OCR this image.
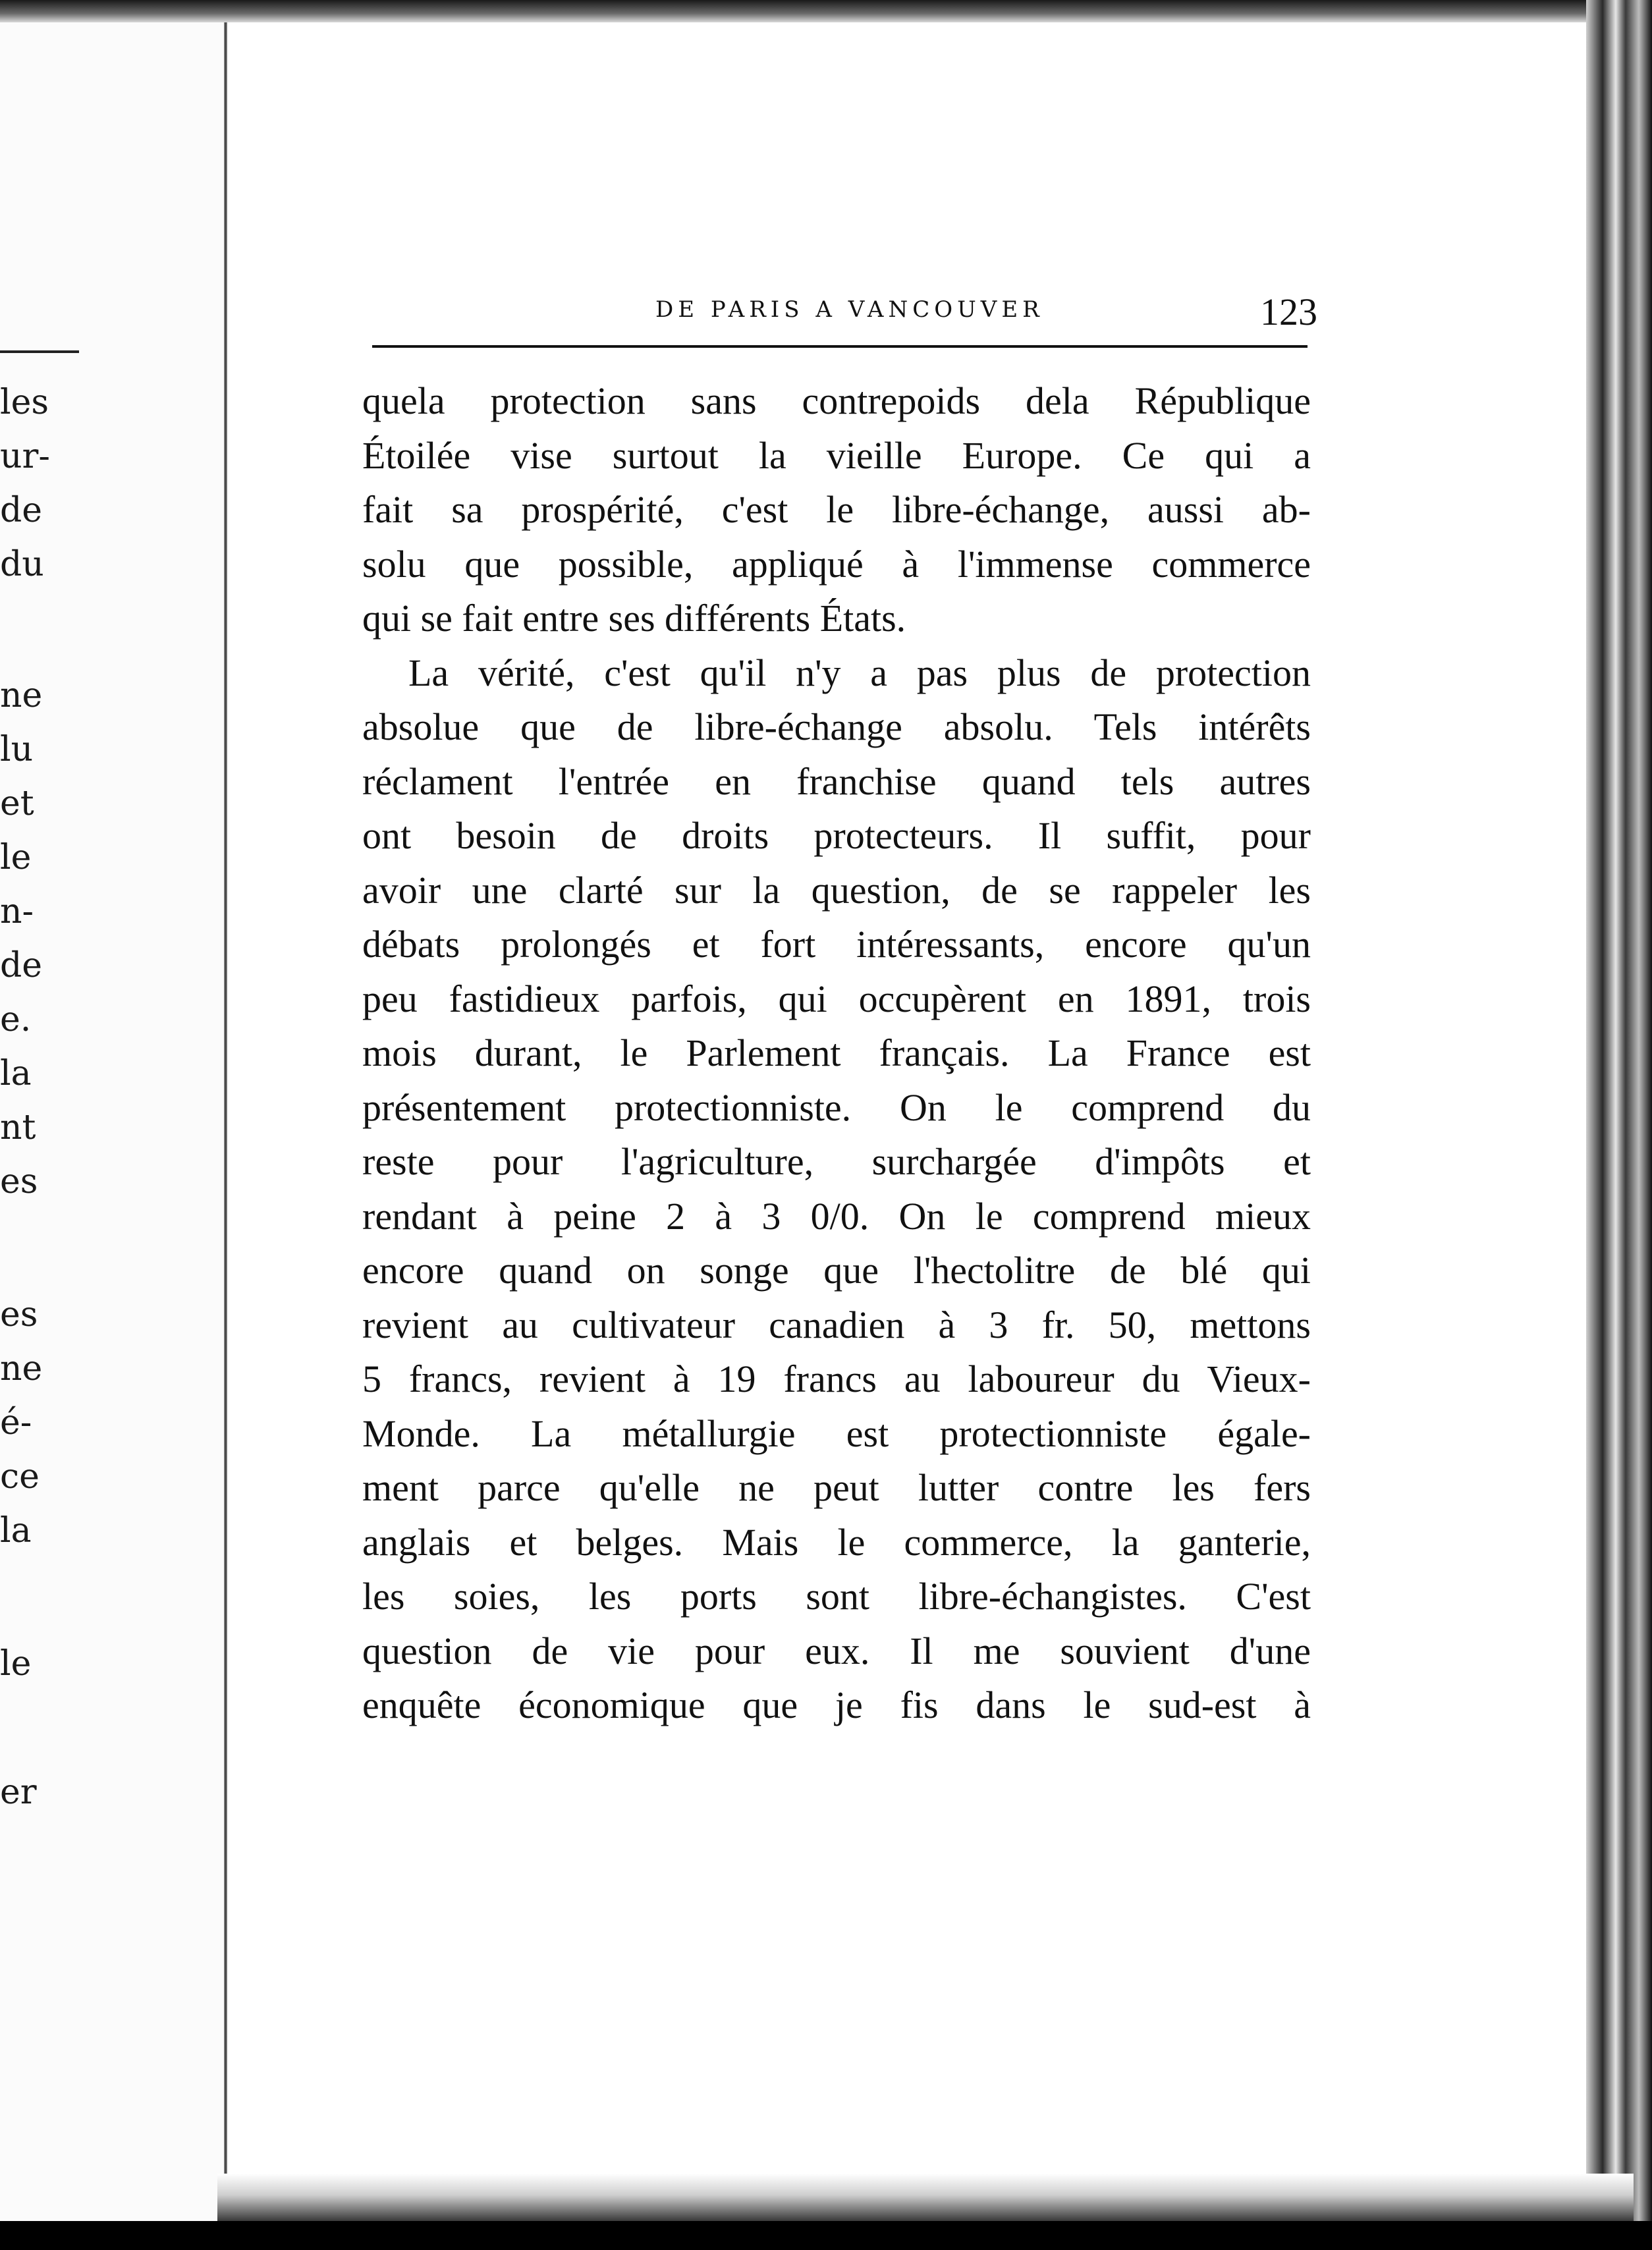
les
ur-
de
du
ne
lu
et
le
n-
de
e.
la
nt
es
es
ne
é-
ce
la
le
er
DE PARIS A VANCOUVER	123
quela protection sans contrepoids dela République
Étoilée vise surtout la vieille Europe. Ce qui a
fait sa prospérité, c'est le libre-échange, aussi ab-
solu que possible, appliqué à l'immense commerce
qui se fait entre ses différents États.
La vérité, c'est qu'il n'y a pas plus de protection
absolue que de libre-échange absolu. Tels intérêts
réclament l'entrée en franchise quand tels autres
ont besoin de droits protecteurs. Il suffit, pour
avoir une clarté sur la question, de se rappeler les
débats prolongés et fort intéressants, encore qu'un
peu fastidieux parfois, qui occupèrent en 1891, trois
mois durant, le Parlement français. La France est
présentement protectionniste. On le comprend du
reste pour l'agriculture, surchargée d'impôts et
rendant à peine 2 à 3 0/0. On le comprend mieux
encore quand on songe que l'hectolitre de blé qui
revient au cultivateur canadien à 3 fr. 50, mettons
5 francs, revient à 19 francs au laboureur du Vieux-
Monde. La métallurgie est protectionniste égale-
ment parce qu'elle ne peut lutter contre les fers
anglais et belges. Mais le commerce, la ganterie,
les soies, les ports sont libre-échangistes. C'est
question de vie pour eux. Il me souvient d'une
enquête économique que je fis dans le sud-est à
